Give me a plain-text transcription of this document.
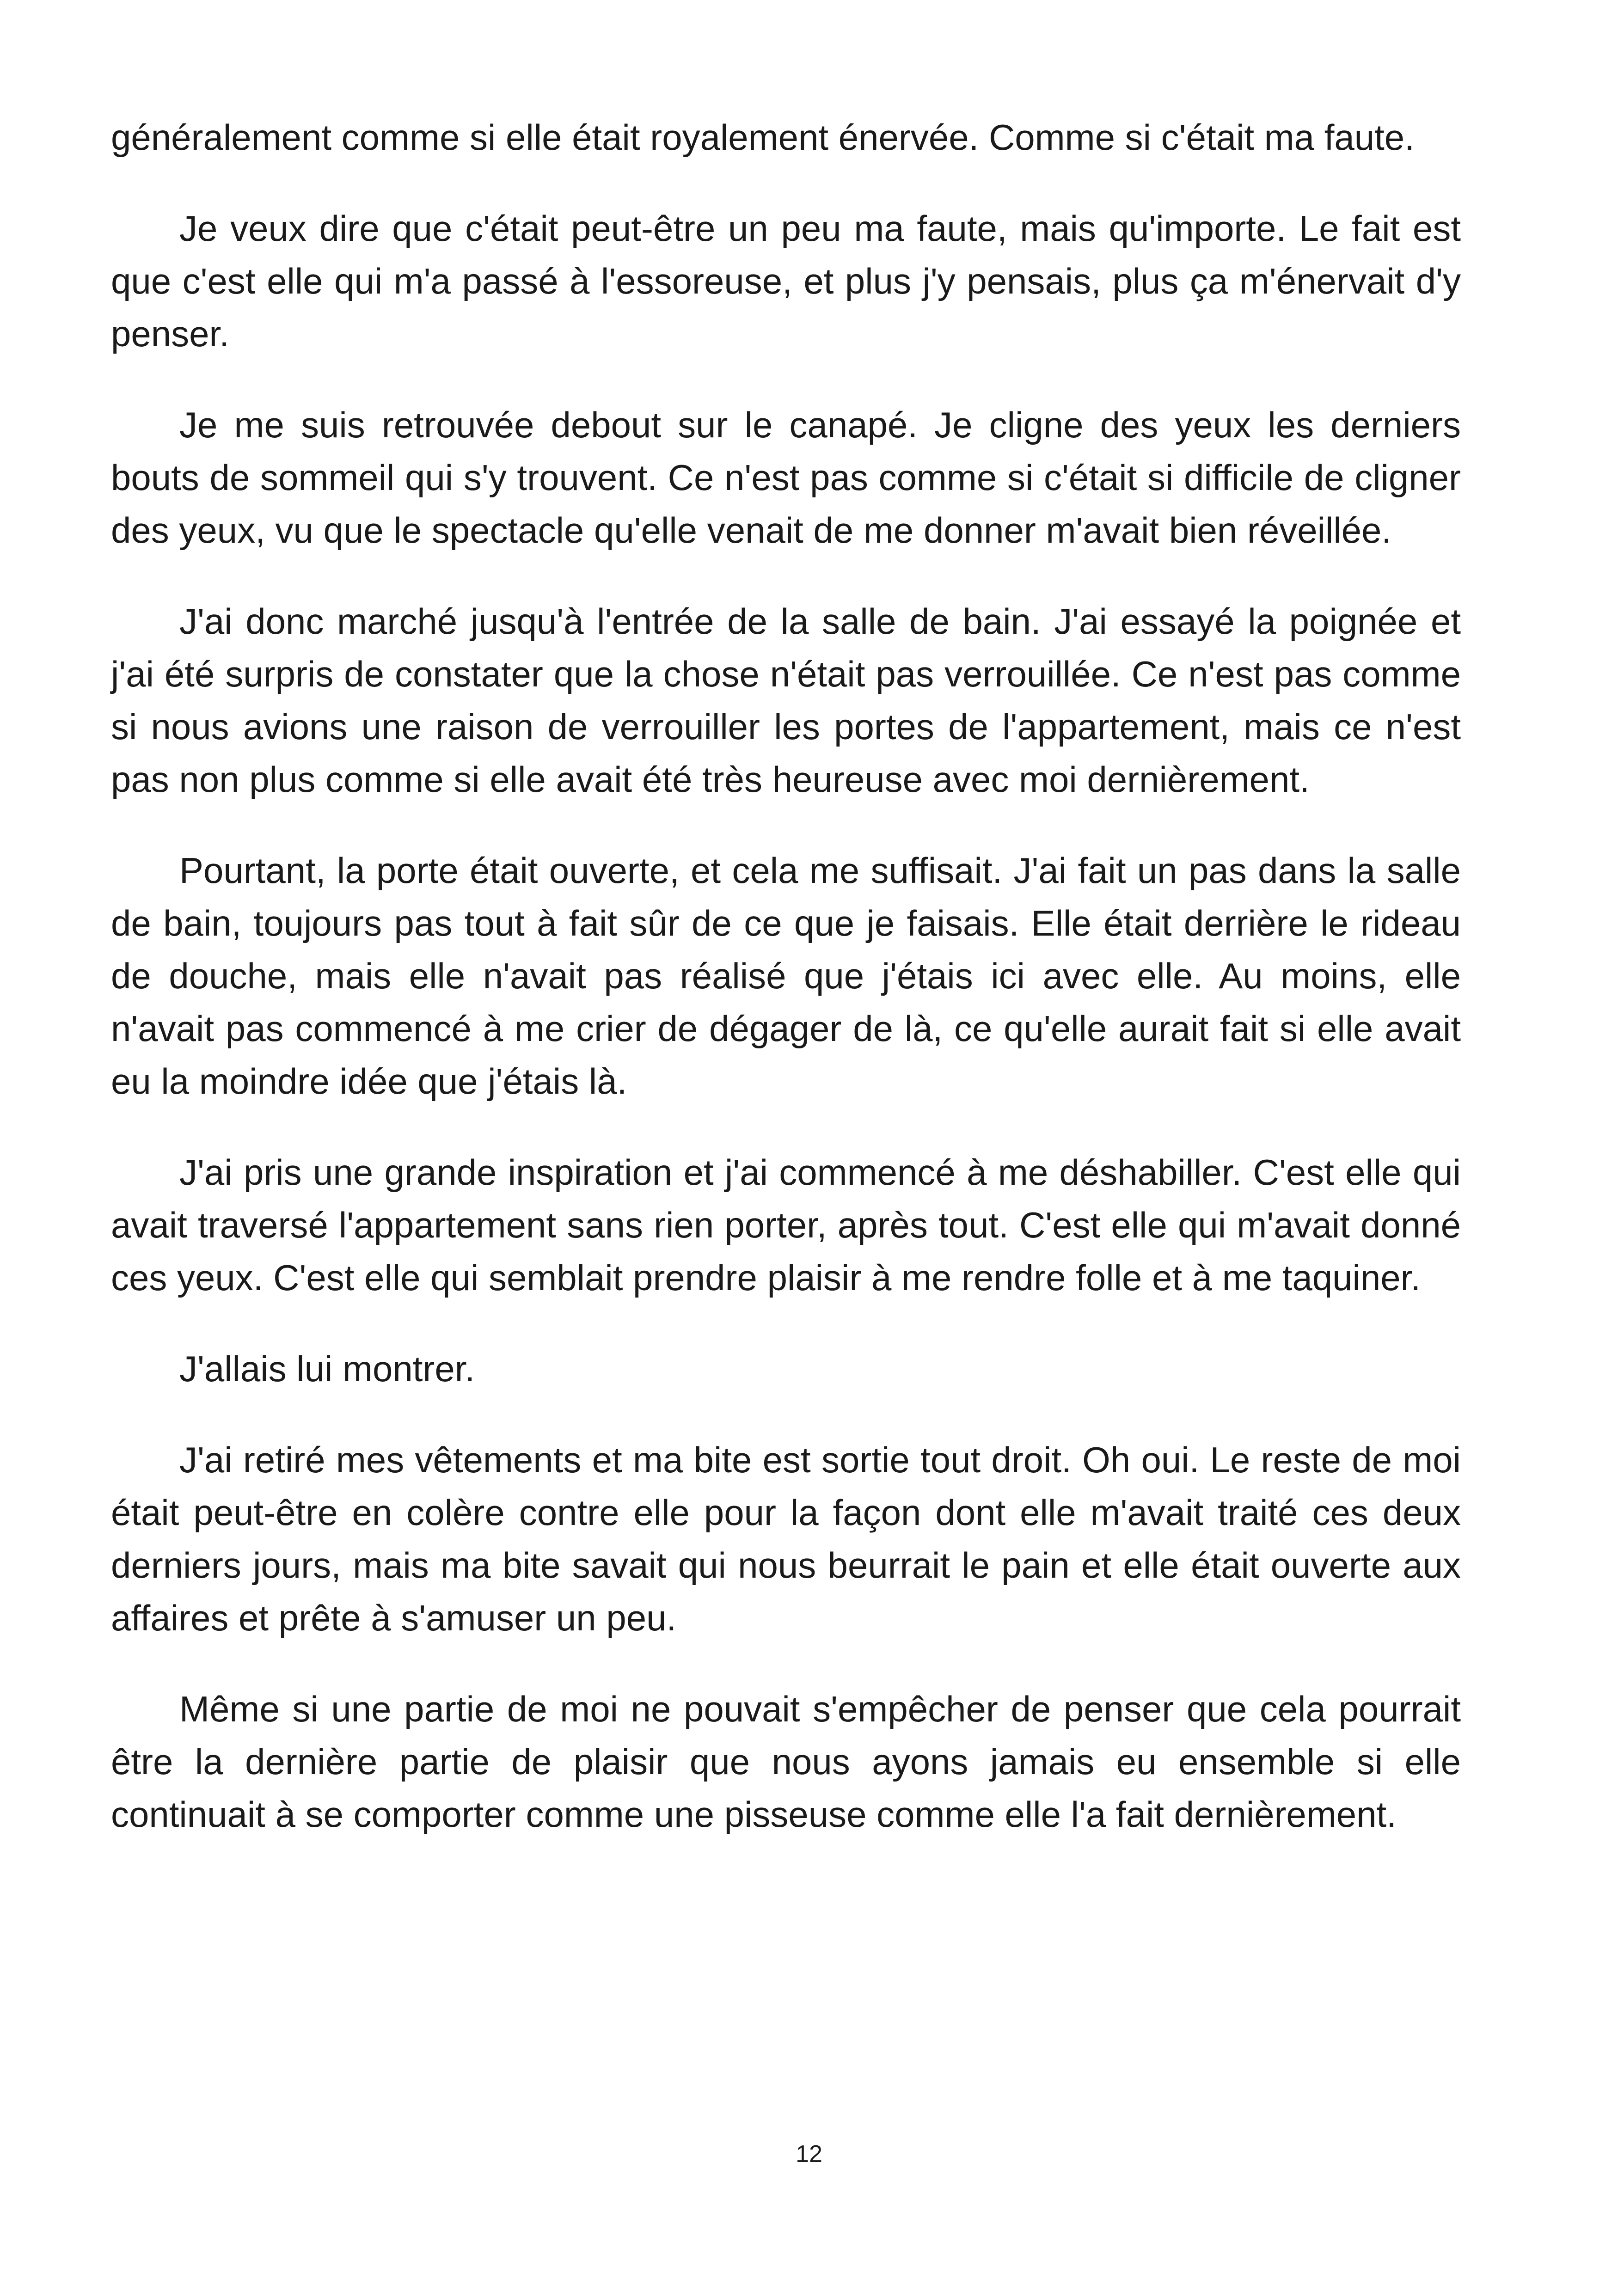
généralement comme si elle était royalement énervée. Comme si c'était ma faute.

Je veux dire que c'était peut-être un peu ma faute, mais qu'importe. Le fait est que c'est elle qui m'a passé à l'essoreuse, et plus j'y pensais, plus ça m'énervait d'y penser.

Je me suis retrouvée debout sur le canapé. Je cligne des yeux les derniers bouts de sommeil qui s'y trouvent. Ce n'est pas comme si c'était si difficile de cligner des yeux, vu que le spectacle qu'elle venait de me donner m'avait bien réveillée.

J'ai donc marché jusqu'à l'entrée de la salle de bain. J'ai essayé la poignée et j'ai été surpris de constater que la chose n'était pas verrouillée. Ce n'est pas comme si nous avions une raison de verrouiller les portes de l'appartement, mais ce n'est pas non plus comme si elle avait été très heureuse avec moi dernièrement.

Pourtant, la porte était ouverte, et cela me suffisait. J'ai fait un pas dans la salle de bain, toujours pas tout à fait sûr de ce que je faisais. Elle était derrière le rideau de douche, mais elle n'avait pas réalisé que j'étais ici avec elle. Au moins, elle n'avait pas commencé à me crier de dégager de là, ce qu'elle aurait fait si elle avait eu la moindre idée que j'étais là.

J'ai pris une grande inspiration et j'ai commencé à me déshabiller. C'est elle qui avait traversé l'appartement sans rien porter, après tout. C'est elle qui m'avait donné ces yeux. C'est elle qui semblait prendre plaisir à me rendre folle et à me taquiner.

J'allais lui montrer.

J'ai retiré mes vêtements et ma bite est sortie tout droit. Oh oui. Le reste de moi était peut-être en colère contre elle pour la façon dont elle m'avait traité ces deux derniers jours, mais ma bite savait qui nous beurrait le pain et elle était ouverte aux affaires et prête à s'amuser un peu.

Même si une partie de moi ne pouvait s'empêcher de penser que cela pourrait être la dernière partie de plaisir que nous ayons jamais eu ensemble si elle continuait à se comporter comme une pisseuse comme elle l'a fait dernièrement.

12
